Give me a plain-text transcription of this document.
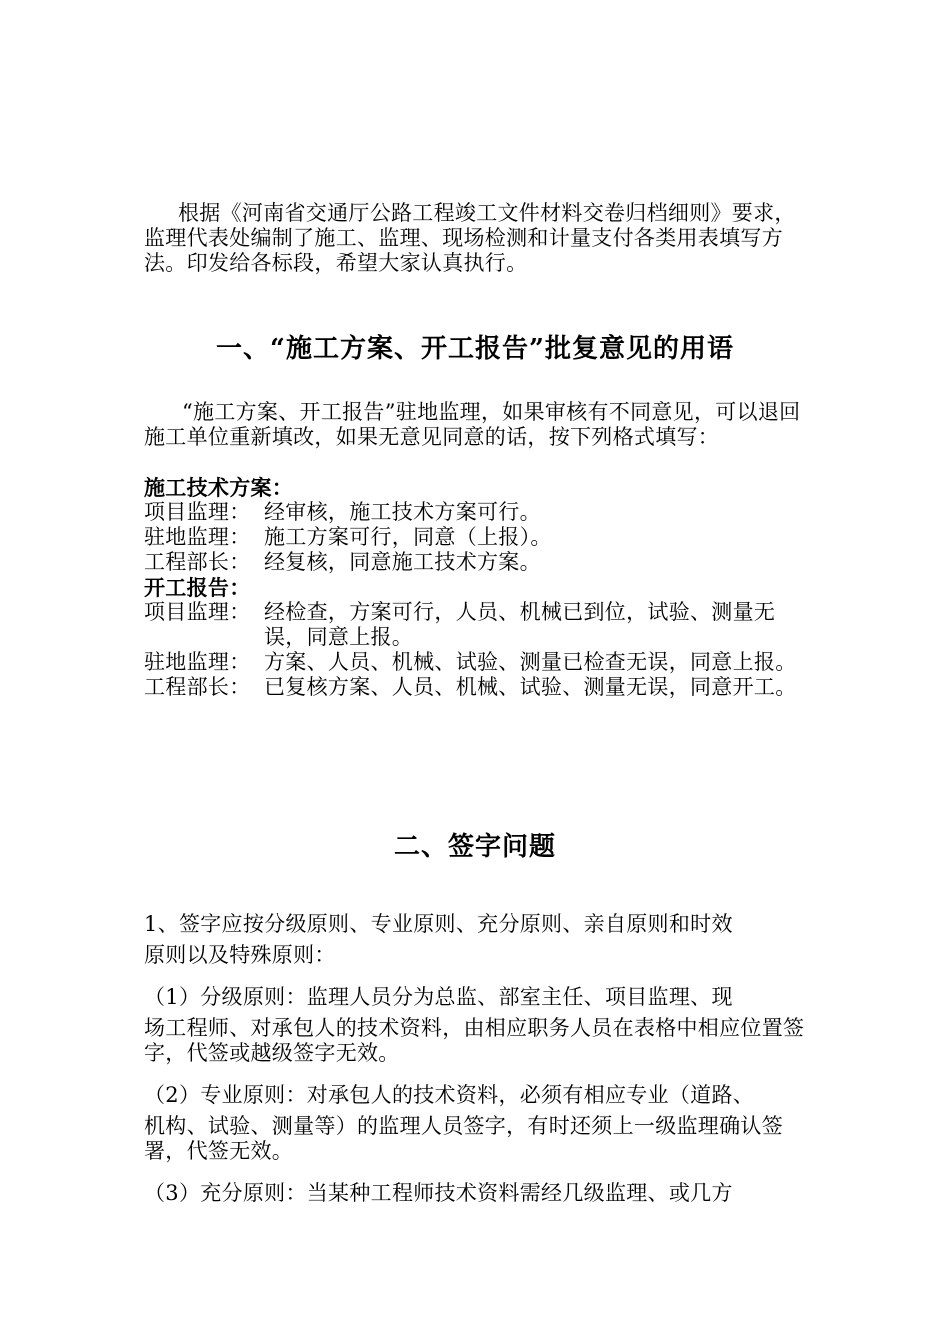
根据《河南省交通厅公路工程竣工文件材料交卷归档细则》要求，监理代表处编制了施工、监理、现场检测和计量支付各类用表填写方法。印发给各标段，希望大家认真执行。
一、“施工方案、开工报告”批复意见的用语
“施工方案、开工报告”驻地监理，如果审核有不同意见，可以退回施工单位重新填改，如果无意见同意的话，按下列格式填写：
施工技术方案：
项目监理： 经审核，施工技术方案可行。
驻地监理： 施工方案可行，同意（上报）。
工程部长： 经复核，同意施工技术方案。
开工报告：
项目监理： 经检查，方案可行，人员、机械已到位，试验、测量无误，同意上报。
驻地监理： 方案、人员、机械、试验、测量已检查无误，同意上报。
工程部长： 已复核方案、人员、机械、试验、测量无误，同意开工。
二、签字问题
1、签字应按分级原则、专业原则、充分原则、亲自原则和时效
原则以及特殊原则：
（1）分级原则：监理人员分为总监、部室主任、项目监理、现
场工程师、对承包人的技术资料，由相应职务人员在表格中相应位置签字，代签或越级签字无效。
（2）专业原则：对承包人的技术资料，必须有相应专业（道路、
机构、试验、测量等）的监理人员签字，有时还须上一级监理确认签署，代签无效。
（3）充分原则：当某种工程师技术资料需经几级监理、或几方
